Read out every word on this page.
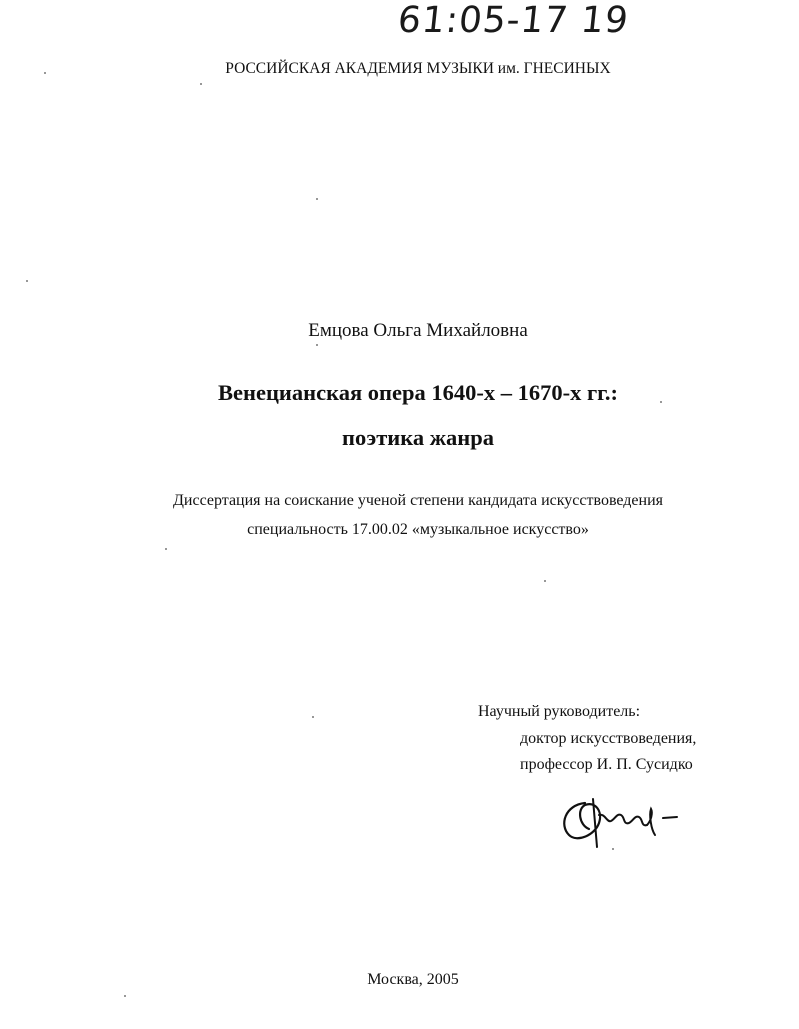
61:05-17 19
РОССИЙСКАЯ АКАДЕМИЯ МУЗЫКИ им. ГНЕСИНЫХ
Емцова Ольга Михайловна
Венецианская опера 1640-х – 1670-х гг.:
поэтика жанра
Диссертация на соискание ученой степени кандидата искусствоведения
специальность 17.00.02 «музыкальное искусство»
Научный руководитель:
доктор искусствоведения,
профессор И. П. Сусидко
Москва, 2005
